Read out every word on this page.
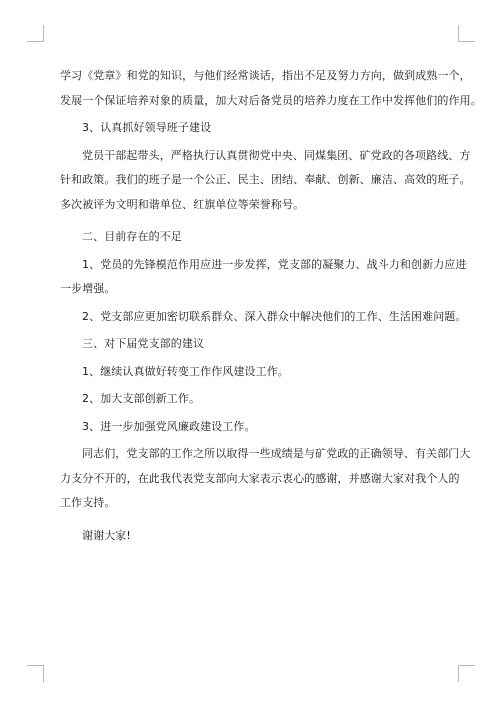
学习《党章》和党的知识，与他们经常谈话，指出不足及努力方向，做到成熟一个，

发展一个保证培养对象的质量，加大对后备党员的培养力度在工作中发挥他们的作用。

3、认真抓好领导班子建设

党员干部起带头，严格执行认真贯彻党中央、同煤集团、矿党政的各项路线、方

针和政策。我们的班子是一个公正、民主、团结、奉献、创新、廉洁、高效的班子。

多次被评为文明和谐单位、红旗单位等荣誉称号。

二、目前存在的不足

1、党员的先锋模范作用应进一步发挥，党支部的凝聚力、战斗力和创新力应进

一步增强。

2、党支部应更加密切联系群众、深入群众中解决他们的工作、生活困难问题。

三、对下届党支部的建议

1、继续认真做好转变工作作风建设工作。

2、加大支部创新工作。

3、进一步加强党风廉政建设工作。

同志们，党支部的工作之所以取得一些成绩是与矿党政的正确领导、有关部门大

力支分不开的，在此我代表党支部向大家表示衷心的感谢，并感谢大家对我个人的

工作支持。

谢谢大家!
